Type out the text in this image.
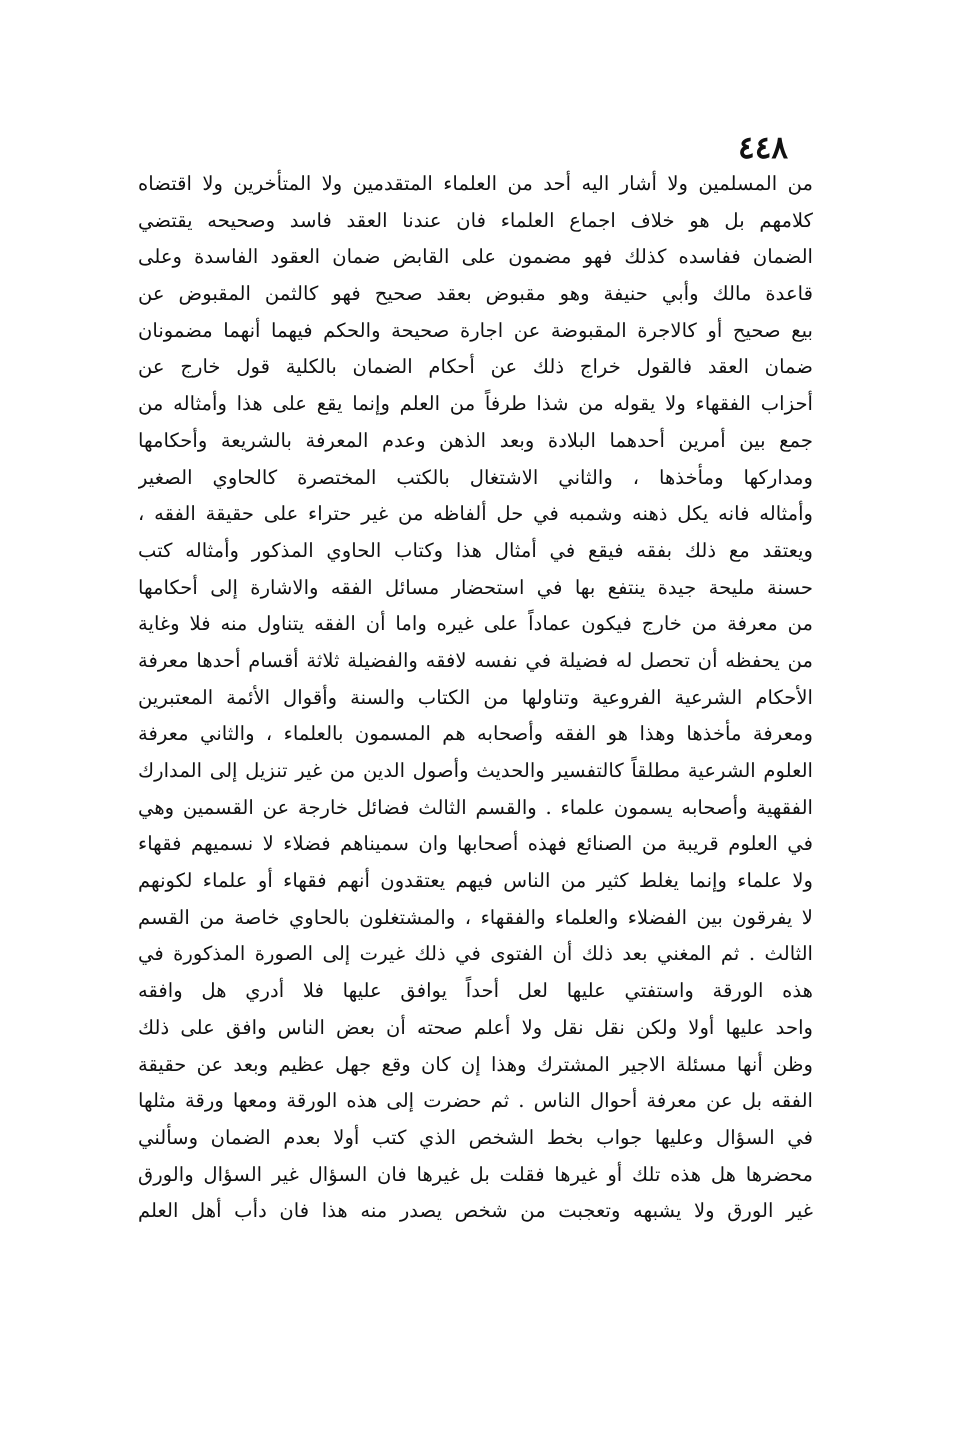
٤٤٨
من المسلمين ولا أشار اليه أحد من العلماء المتقدمين ولا المتأخرين ولا اقتضاه
كلامهم بل هو خلاف اجماع العلماء فان عندنا العقد فاسد وصحيحه يقتضي
الضمان ففاسده كذلك فهو مضمون على القابض ضمان العقود الفاسدة وعلى
قاعدة مالك وأبي حنيفة وهو مقبوض بعقد صحيح فهو كالثمن المقبوض عن
بيع صحيح أو كالاجرة المقبوضة عن اجارة صحيحة والحكم فيهما أنهما مضمونان
ضمان العقد فالقول خراج ذلك عن أحكام الضمان بالكلية قول خارج عن
أحزاب الفقهاء ولا يقوله من شذا طرفاً من العلم وإنما يقع على هذا وأمثاله من
جمع بين أمرين أحدهما البلادة وبعد الذهن وعدم المعرفة بالشريعة وأحكامها
ومداركها ومأخذها ، والثاني الاشتغال بالكتب المختصرة كالحاوي الصغير
وأمثاله فانه يكل ذهنه وشمبه في حل ألفاظه من غير حتراء على حقيقة الفقه ،
ويعتقد مع ذلك بفقه فيقع في أمثال هذا وكتاب الحاوي المذكور وأمثاله كتب
حسنة مليحة جيدة ينتفع بها في استحضار مسائل الفقه والاشارة إلى أحكامها
من معرفة من خارج فيكون عماداً على غيره واما أن الفقه يتناول منه فلا وغاية
من يحفظه أن تحصل له فضيلة في نفسه لافقه والفضيلة ثلاثة أقسام أحدها معرفة
الأحكام الشرعية الفروعية وتناولها من الكتاب والسنة وأقوال الأئمة المعتبرين
ومعرفة مأخذها وهذا هو الفقه وأصحابه هم المسمون بالعلماء ، والثاني معرفة
العلوم الشرعية مطلقاً كالتفسير والحديث وأصول الدين من غير تنزيل إلى المدارك
الفقهية وأصحابه يسمون علماء . والقسم الثالث فضائل خارجة عن القسمين وهي
في العلوم قريبة من الصنائع فهذه أصحابها وان سميناهم فضلاء لا نسميهم فقهاء
ولا علماء وإنما يغلط كثير من الناس فيهم يعتقدون أنهم فقهاء أو علماء لكونهم
لا يفرقون بين الفضلاء والعلماء والفقهاء ، والمشتغلون بالحاوي خاصة من القسم
الثالث . ثم المغني بعد ذلك أن الفتوى في ذلك غيرت إلى الصورة المذكورة في
هذه الورقة واستفتي عليها لعل أحداً يوافق عليها فلا أدري هل وافقه
واحد عليها أولا ولكن نقل نقل ولا أعلم صحته أن بعض الناس وافق على ذلك
وظن أنها مسئلة الاجير المشترك وهذا إن كان وقع جهل عظيم وبعد عن حقيقة
الفقه بل عن معرفة أحوال الناس . ثم حضرت إلى هذه الورقة ومعها ورقة مثلها
في السؤال وعليها جواب بخط الشخص الذي كتب أولا بعدم الضمان وسألني
محضرها هل هذه تلك أو غيرها فقلت بل غيرها فان السؤال غير السؤال والورق
غير الورق ولا يشبهه وتعجبت من شخص يصدر منه هذا فان دأب أهل العلم
